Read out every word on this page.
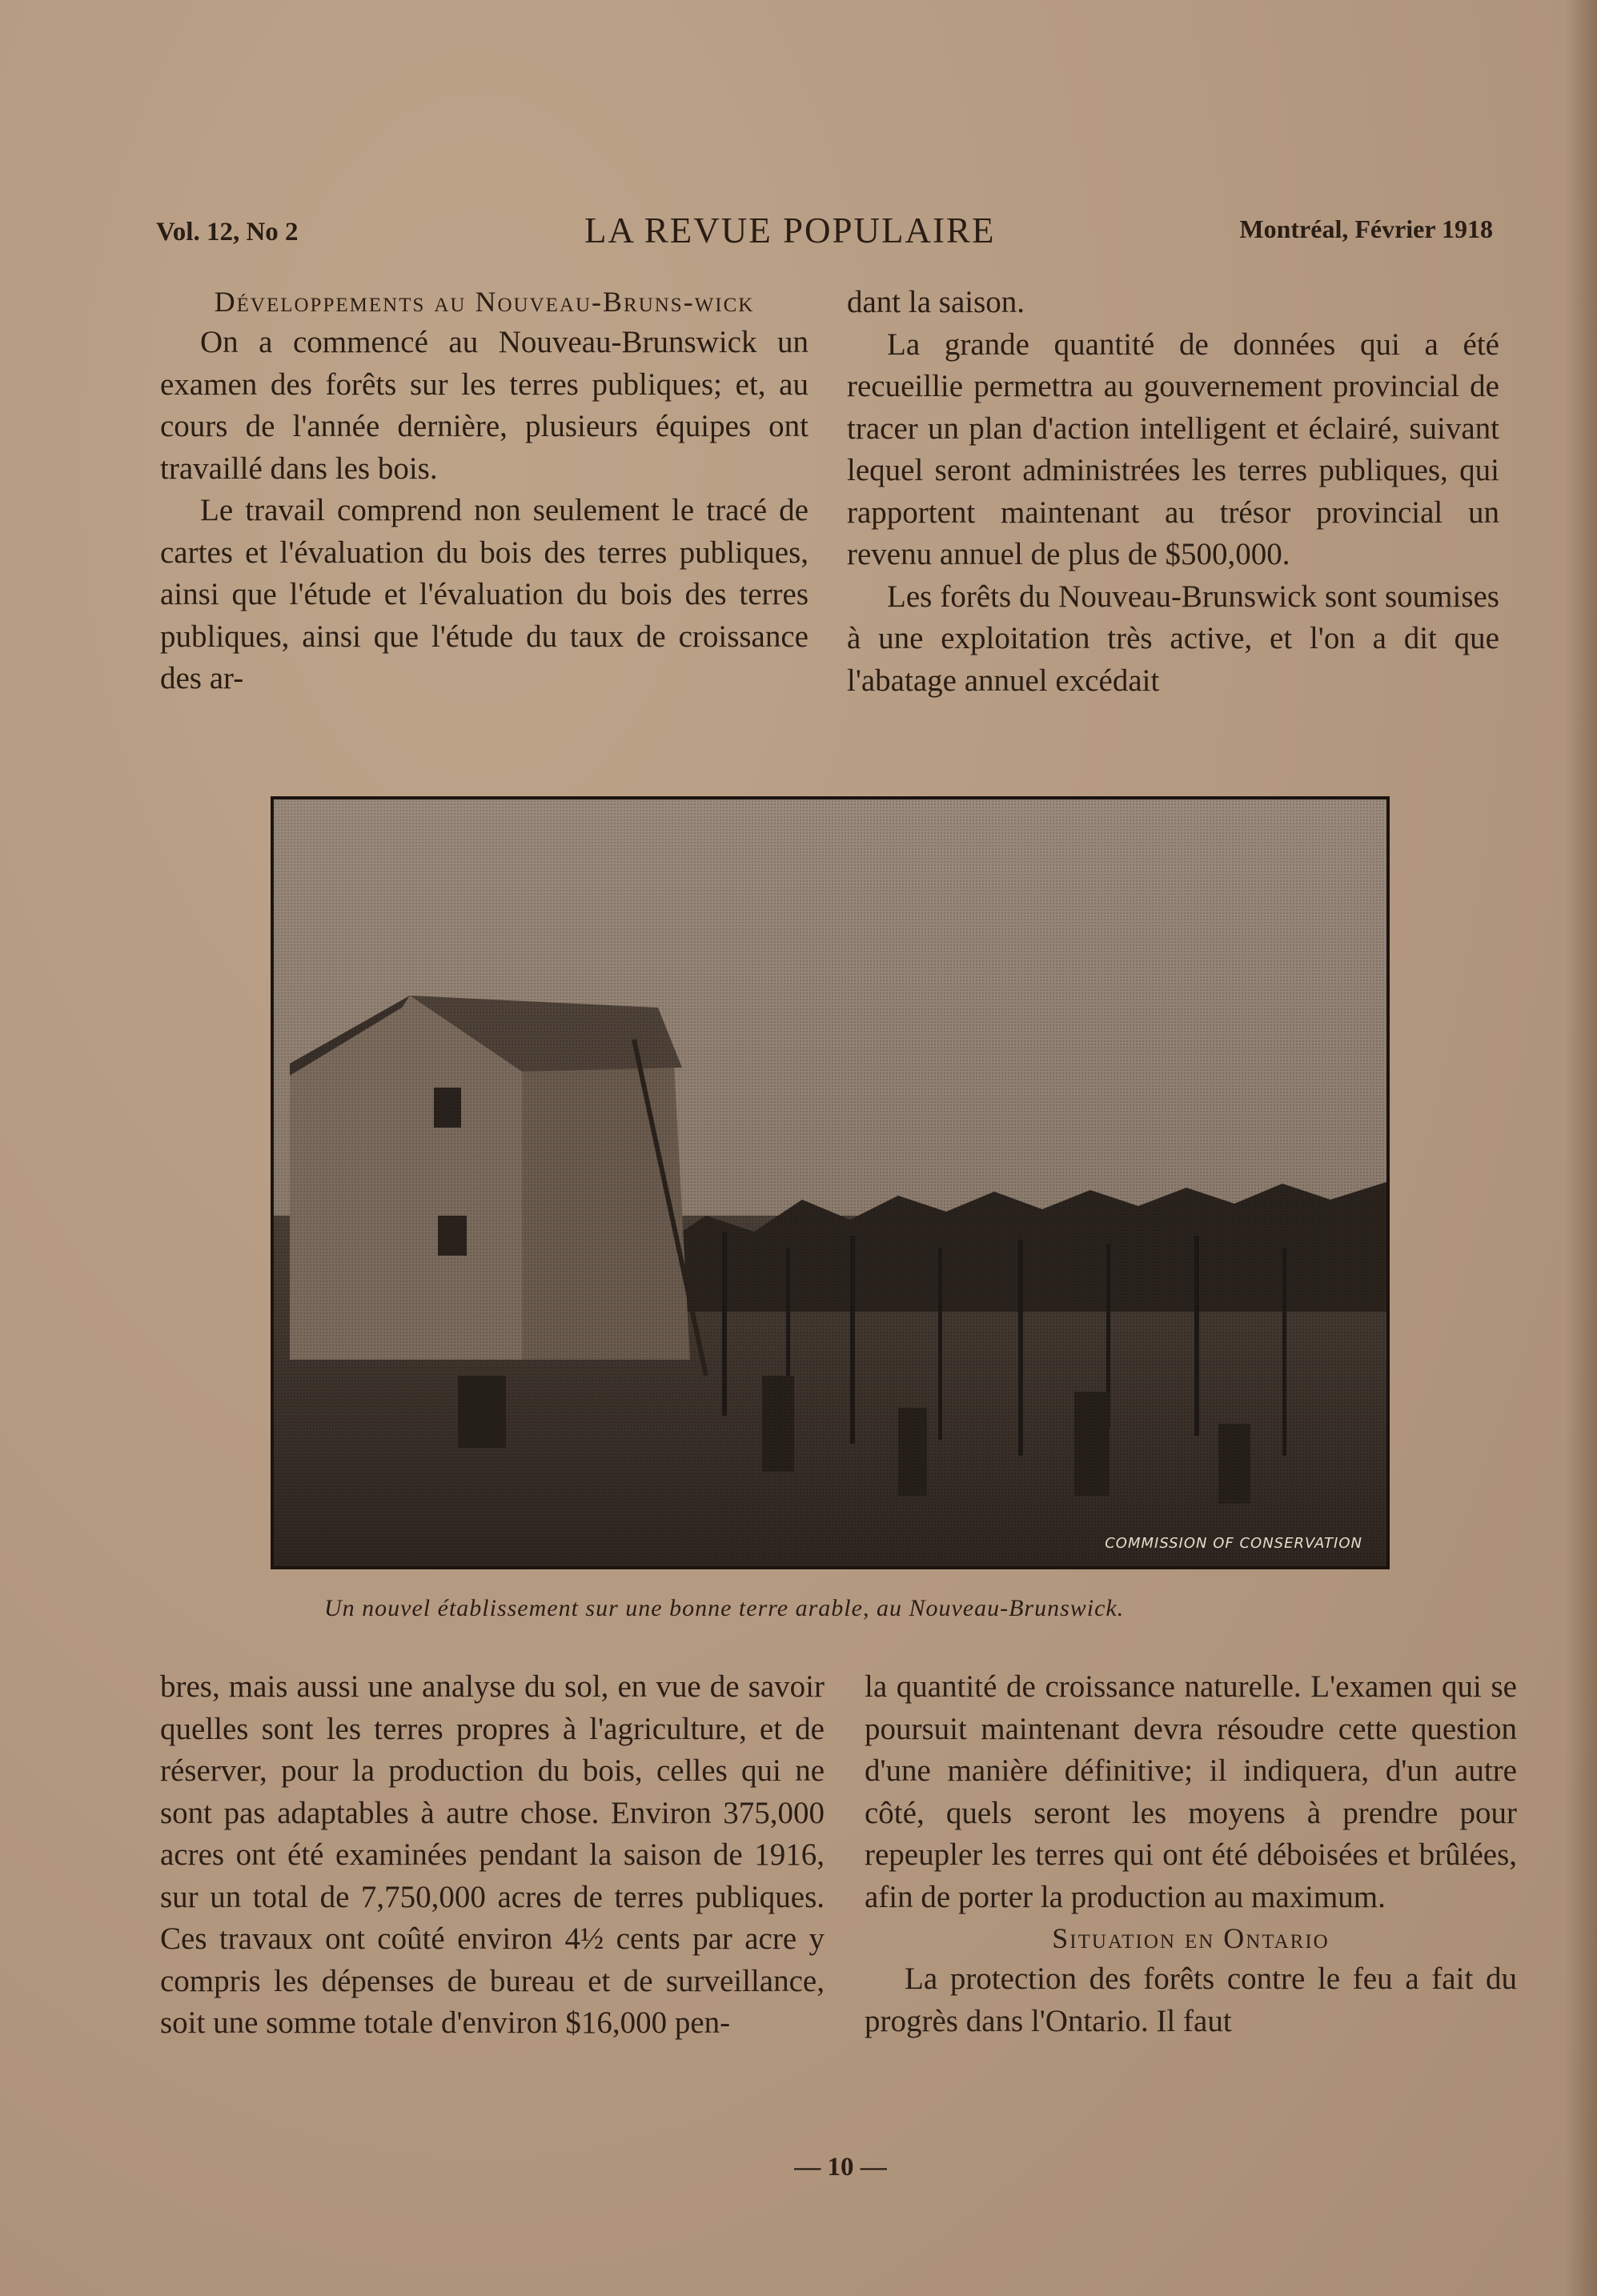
Vol. 12, No 2	LA REVUE POPULAIRE	Montréal, Février 1918
Développements au Nouveau-Bruns-wick

On a commencé au Nouveau-Brunswick un examen des forêts sur les terres publiques; et, au cours de l'année dernière, plusieurs équipes ont travaillé dans les bois.

Le travail comprend non seulement le tracé de cartes et l'évaluation du bois des terres publiques, ainsi que l'étude et l'évaluation du bois des terres publiques, ainsi que l'étude du taux de croissance des ar-

dant la saison.

La grande quantité de données qui a été recueillie permettra au gouvernement provincial de tracer un plan d'action intelligent et éclairé, suivant lequel seront administrées les terres publiques, qui rapportent maintenant au trésor provincial un revenu annuel de plus de $500,000.

Les forêts du Nouveau-Brunswick sont soumises à une exploitation très active, et l'on a dit que l'abatage annuel excédait

COMMISSION OF CONSERVATION
Un nouvel établissement sur une bonne terre arable, au Nouveau-Brunswick.

bres, mais aussi une analyse du sol, en vue de savoir quelles sont les terres propres à l'agriculture, et de réserver, pour la production du bois, celles qui ne sont pas adaptables à autre chose. Environ 375,000 acres ont été examinées pendant la saison de 1916, sur un total de 7,750,000 acres de terres publiques. Ces travaux ont coûté environ 4½ cents par acre y compris les dépenses de bureau et de surveillance, soit une somme totale d'environ $16,000 pen-

la quantité de croissance naturelle. L'examen qui se poursuit maintenant devra résoudre cette question d'une manière définitive; il indiquera, d'un autre côté, quels seront les moyens à prendre pour repeupler les terres qui ont été déboisées et brûlées, afin de porter la production au maximum.

Situation en Ontario

La protection des forêts contre le feu a fait du progrès dans l'Ontario. Il faut

— 10 —
